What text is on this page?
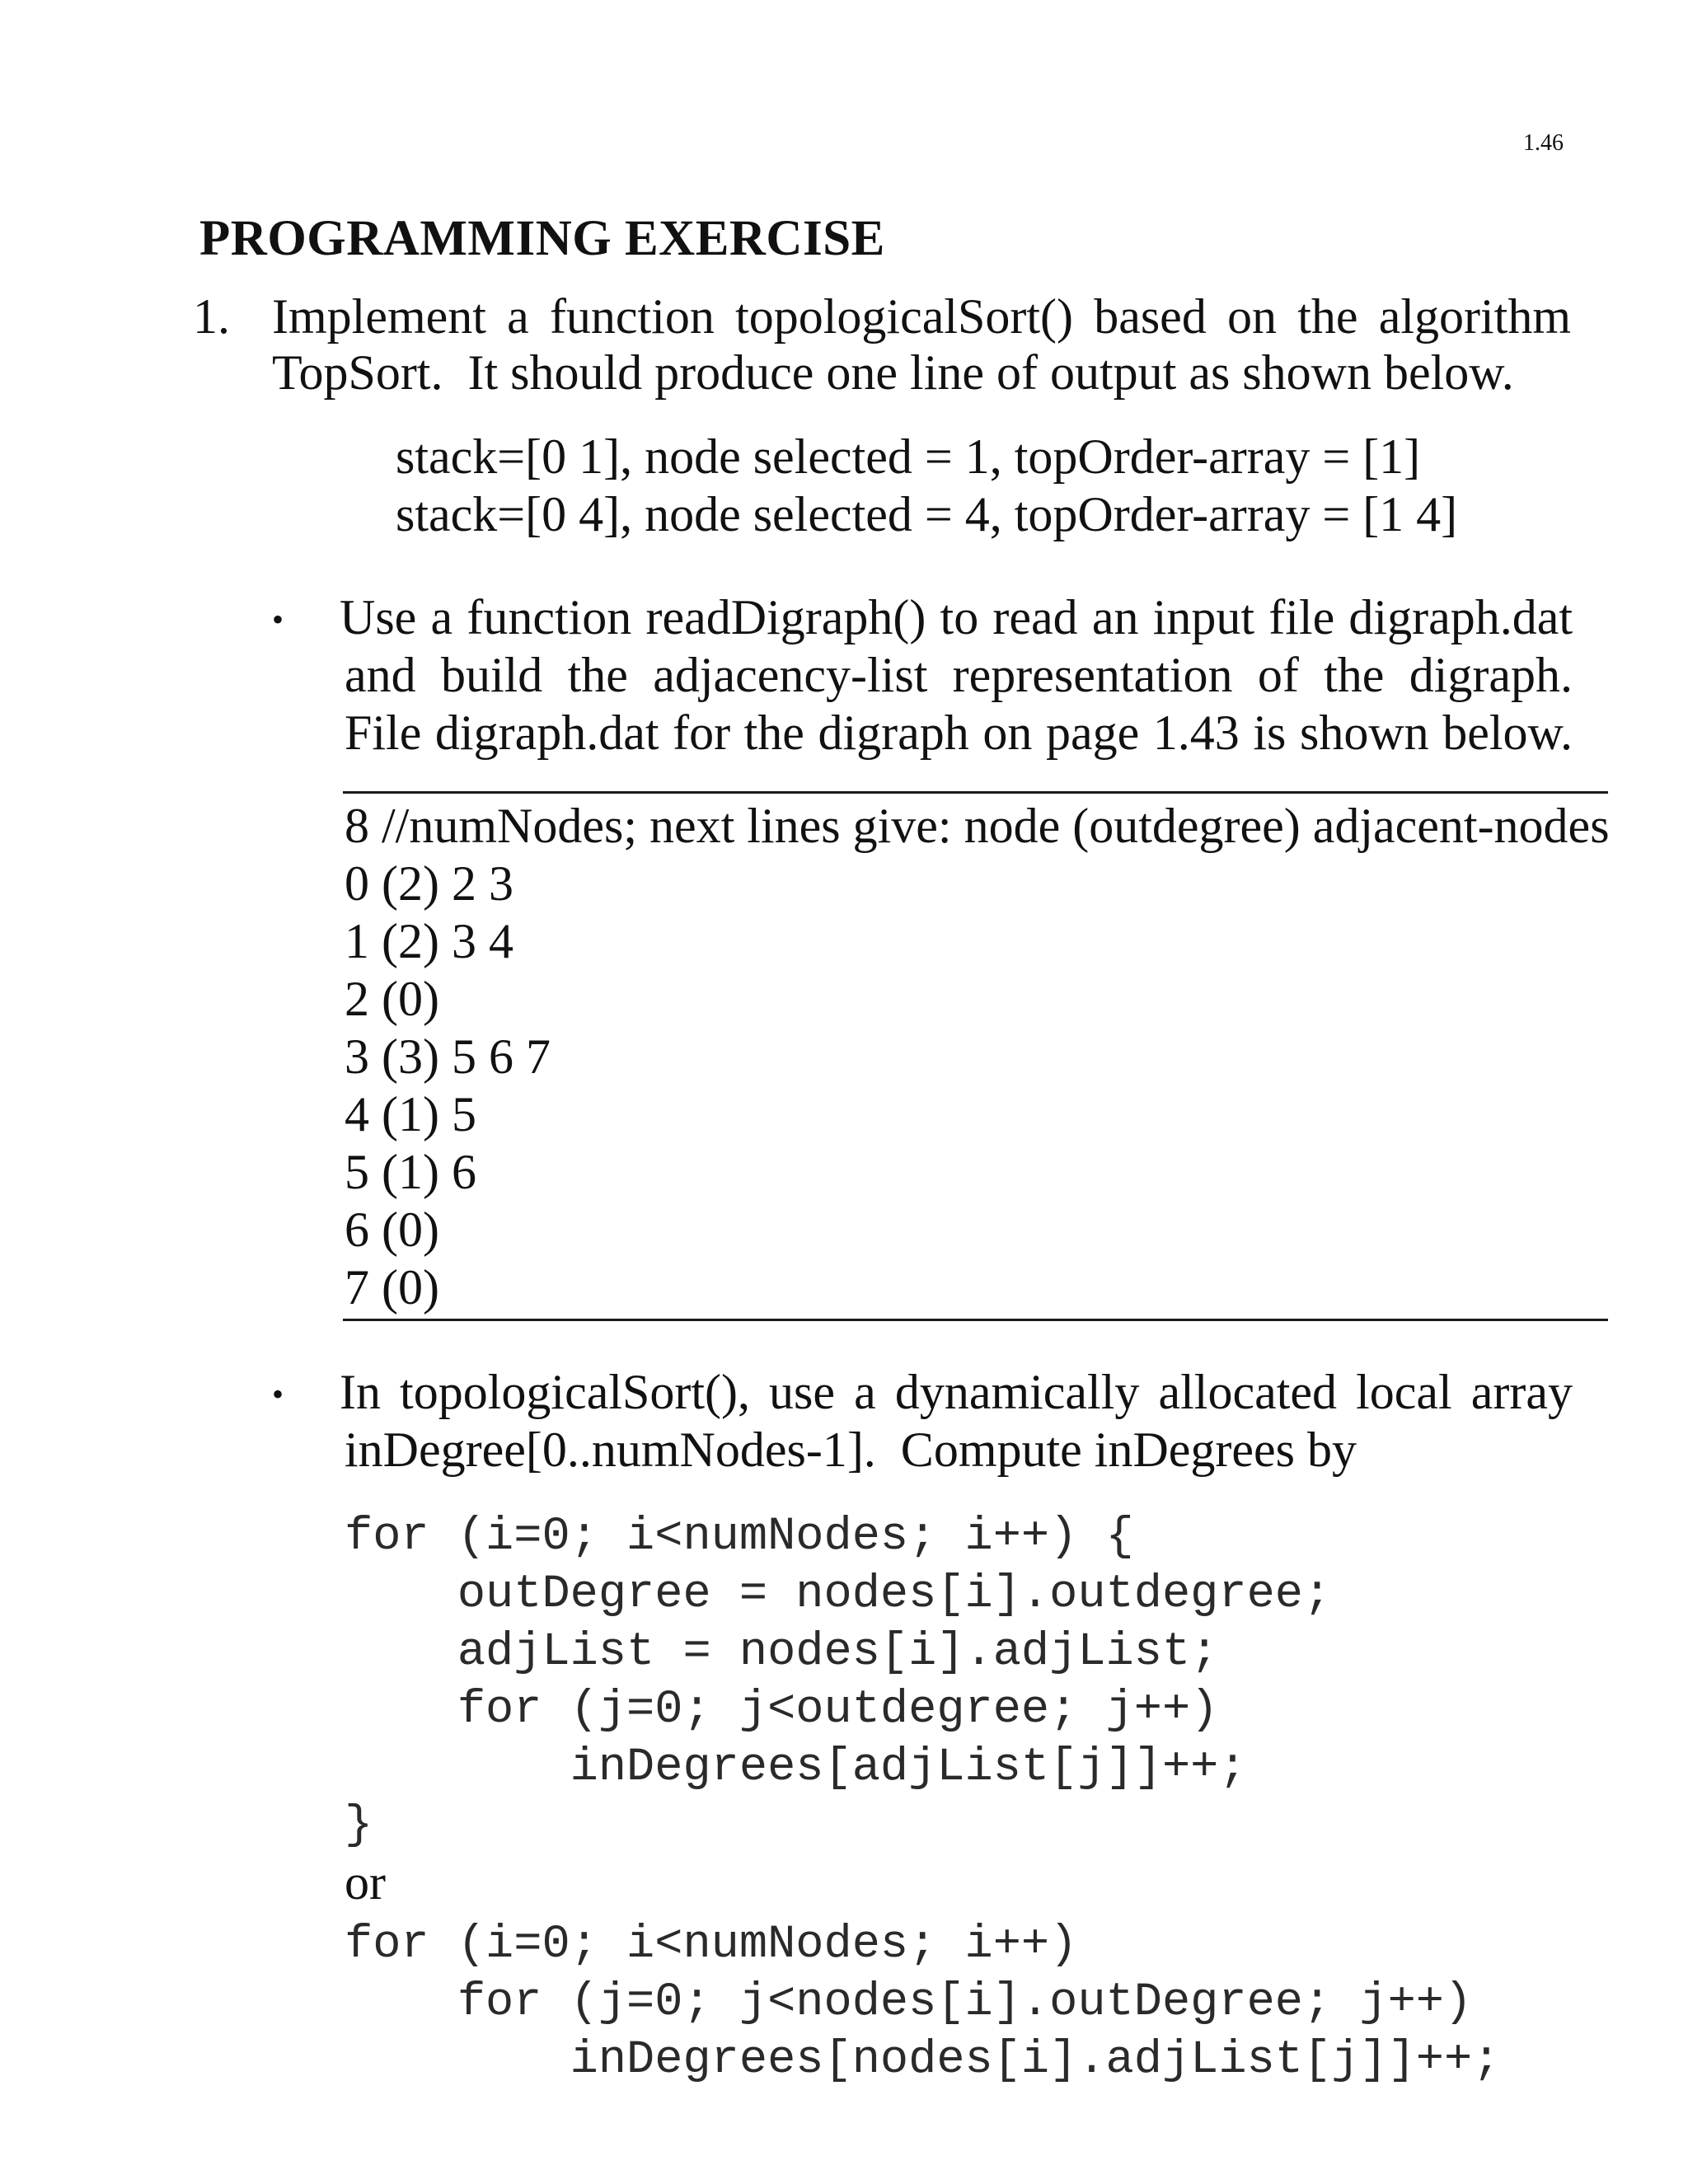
1.46
PROGRAMMING EXERCISE
1. Implement a function topologicalSort() based on the algorithm
TopSort.  It should produce one line of output as shown below.
stack=[0 1], node selected = 1, topOrder-array = [1]
stack=[0 4], node selected = 4, topOrder-array = [1 4]
• Use a function readDigraph() to read an input file digraph.dat
and build the adjacency-list representation of the digraph.
File digraph.dat for the digraph on page 1.43 is shown below.
8 //numNodes; next lines give: node (outdegree) adjacent-nodes
0 (2) 2 3
1 (2) 3 4
2 (0)
3 (3) 5 6 7
4 (1) 5
5 (1) 6
6 (0)
7 (0)
• In topologicalSort(), use a dynamically allocated local array
inDegree[0..numNodes-1].  Compute inDegrees by
for (i=0; i<numNodes; i++) {
outDegree = nodes[i].outdegree;
adjList = nodes[i].adjList;
for (j=0; j<outdegree; j++)
inDegrees[adjList[j]]++;
}
or
for (i=0; i<numNodes; i++)
for (j=0; j<nodes[i].outDegree; j++)
inDegrees[nodes[i].adjList[j]]++;
